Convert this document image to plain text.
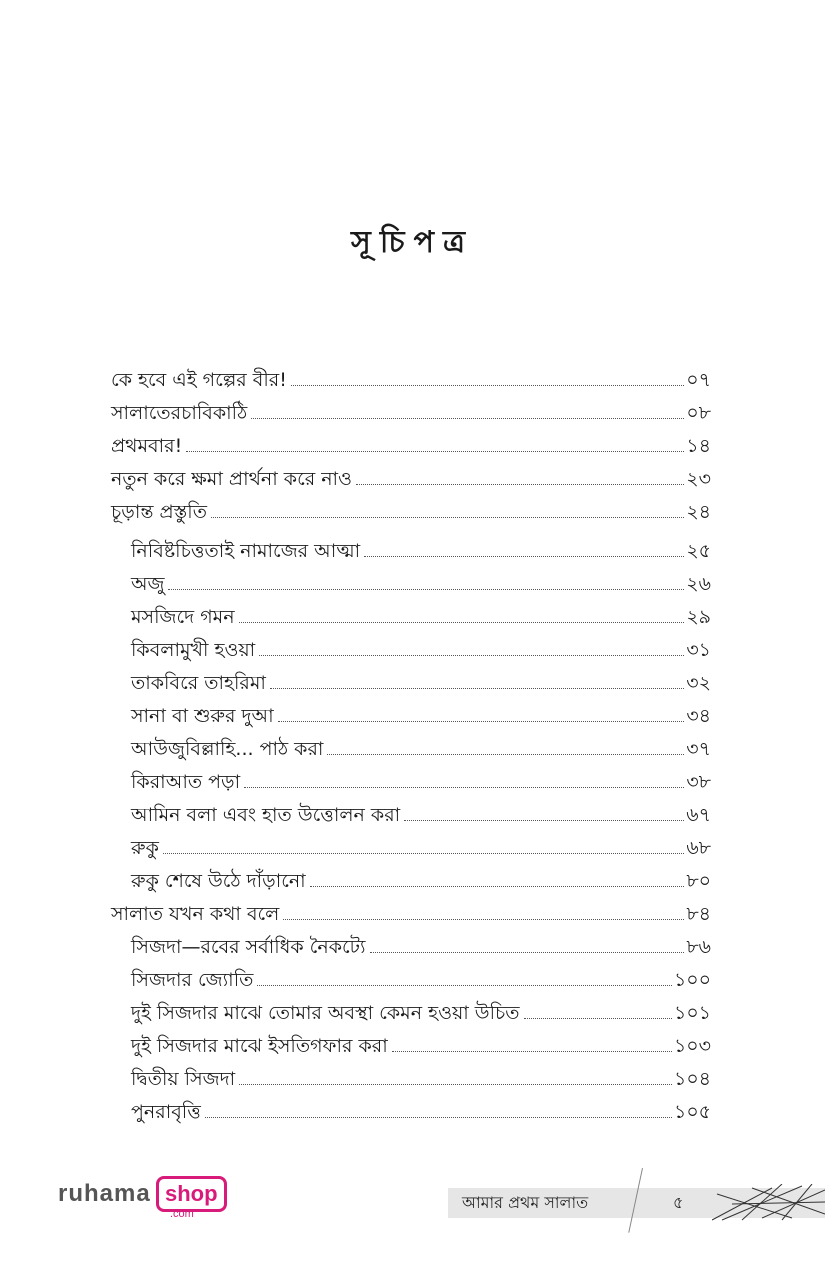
সূচিপত্র
কে হবে এই গল্পের বীর!	০৭
সালাতেরচাবিকাঠি	০৮
প্রথমবার!	১৪
নতুন করে ক্ষমা প্রার্থনা করে নাও	২৩
চূড়ান্ত প্রস্তুতি	২৪
নিবিষ্টচিত্ততাই নামাজের আত্মা	২৫
অজু	২৬
মসজিদে গমন	২৯
কিবলামুখী হওয়া	৩১
তাকবিরে তাহরিমা	৩২
সানা বা শুরুর দুআ	৩৪
আউজুবিল্লাহি... পাঠ করা	৩৭
কিরাআত পড়া	৩৮
আমিন বলা এবং হাত উত্তোলন করা	৬৭
রুকু	৬৮
রুকু শেষে উঠে দাঁড়ানো	৮০
সালাত যখন কথা বলে	৮৪
সিজদা—রবের সর্বাধিক নৈকট্যে	৮৬
সিজদার জ্যোতি	১০০
দুই সিজদার মাঝে তোমার অবস্থা কেমন হওয়া উচিত	১০১
দুই সিজদার মাঝে ইসতিগফার করা	১০৩
দ্বিতীয় সিজদা	১০৪
পুনরাবৃত্তি	১০৫
ruhama shop
.com
আমার প্রথম সালাত	৫
